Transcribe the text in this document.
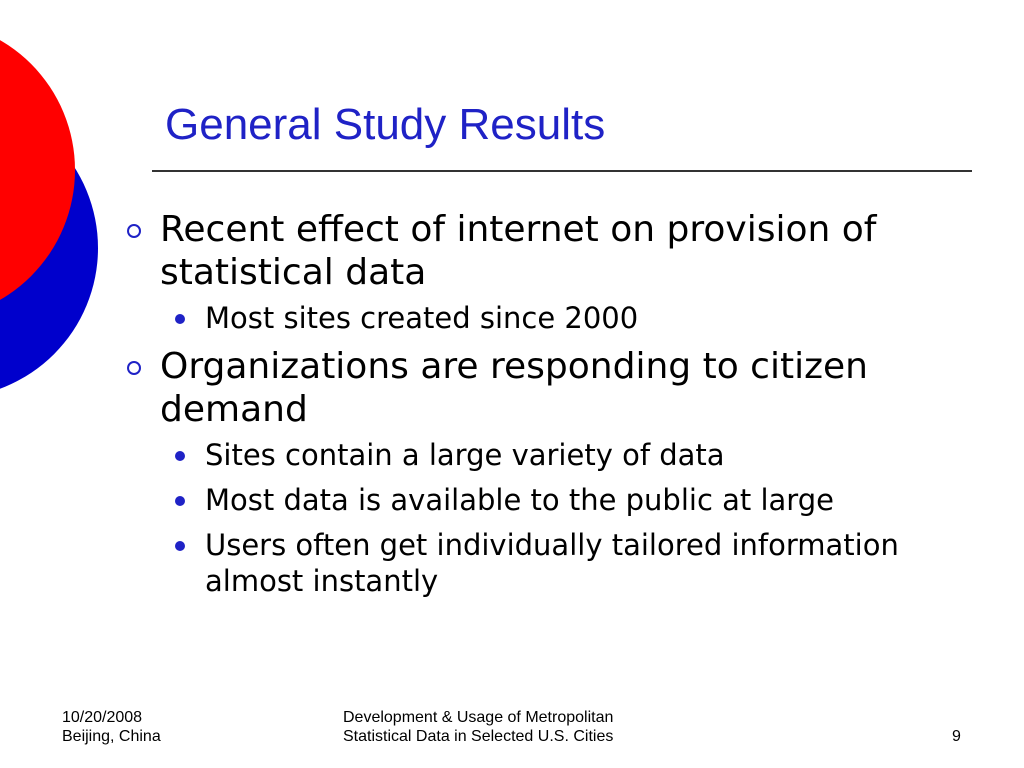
General Study Results
Recent effect of internet on provision of statistical data
Most sites created since 2000
Organizations are responding to citizen demand
Sites contain a large variety of data
Most data is available to the public at large
Users often get individually tailored information almost instantly
10/20/2008
Beijing, China
Development & Usage of Metropolitan
Statistical Data in Selected U.S. Cities	9
